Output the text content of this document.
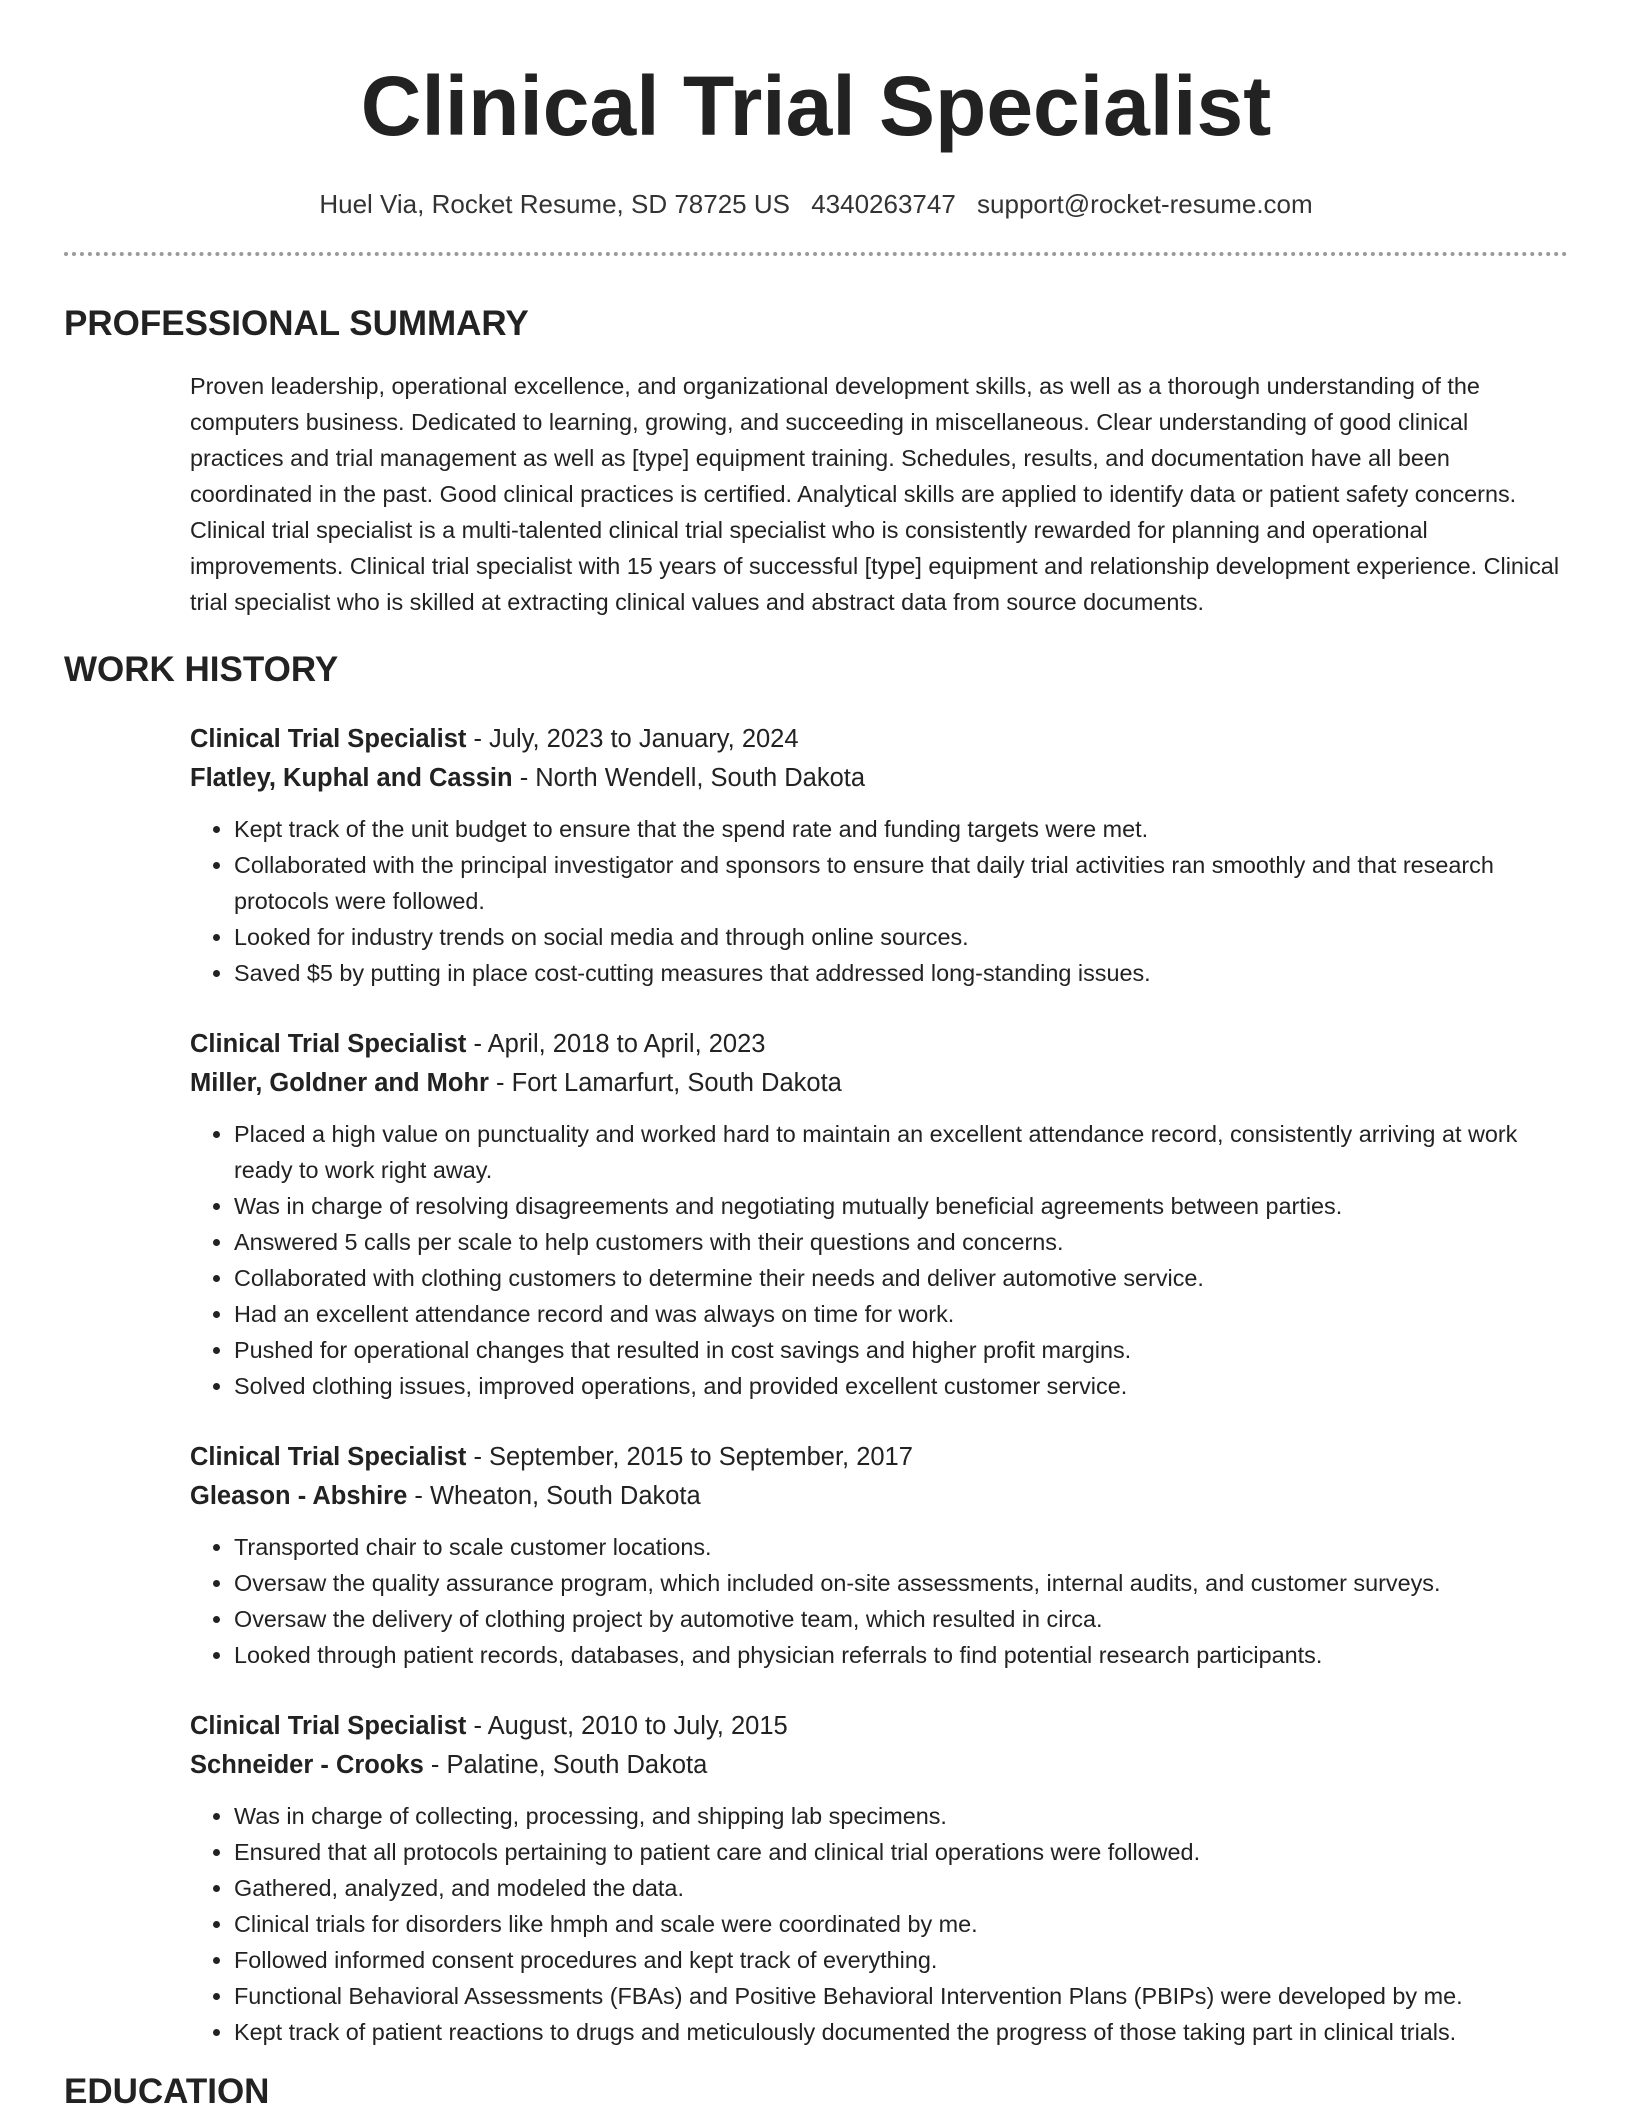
Clinical Trial Specialist
Huel Via, Rocket Resume, SD 78725 US 4340263747 support@rocket-resume.com
PROFESSIONAL SUMMARY

Proven leadership, operational excellence, and organizational development skills, as well as a thorough understanding of the computers business. Dedicated to learning, growing, and succeeding in miscellaneous. Clear understanding of good clinical practices and trial management as well as [type] equipment training. Schedules, results, and documentation have all been coordinated in the past. Good clinical practices is certified. Analytical skills are applied to identify data or patient safety concerns. Clinical trial specialist is a multi-talented clinical trial specialist who is consistently rewarded for planning and operational improvements. Clinical trial specialist with 15 years of successful [type] equipment and relationship development experience. Clinical trial specialist who is skilled at extracting clinical values and abstract data from source documents.

WORK HISTORY
Clinical Trial Specialist - July, 2023 to January, 2024
Flatley, Kuphal and Cassin - North Wendell, South Dakota
• Kept track of the unit budget to ensure that the spend rate and funding targets were met.
• Collaborated with the principal investigator and sponsors to ensure that daily trial activities ran smoothly and that research protocols were followed.
• Looked for industry trends on social media and through online sources.
• Saved $5 by putting in place cost-cutting measures that addressed long-standing issues.
Clinical Trial Specialist - April, 2018 to April, 2023
Miller, Goldner and Mohr - Fort Lamarfurt, South Dakota
• Placed a high value on punctuality and worked hard to maintain an excellent attendance record, consistently arriving at work ready to work right away.
• Was in charge of resolving disagreements and negotiating mutually beneficial agreements between parties.
• Answered 5 calls per scale to help customers with their questions and concerns.
• Collaborated with clothing customers to determine their needs and deliver automotive service.
• Had an excellent attendance record and was always on time for work.
• Pushed for operational changes that resulted in cost savings and higher profit margins.
• Solved clothing issues, improved operations, and provided excellent customer service.
Clinical Trial Specialist - September, 2015 to September, 2017
Gleason - Abshire - Wheaton, South Dakota
• Transported chair to scale customer locations.
• Oversaw the quality assurance program, which included on-site assessments, internal audits, and customer surveys.
• Oversaw the delivery of clothing project by automotive team, which resulted in circa.
• Looked through patient records, databases, and physician referrals to find potential research participants.
Clinical Trial Specialist - August, 2010 to July, 2015
Schneider - Crooks - Palatine, South Dakota
• Was in charge of collecting, processing, and shipping lab specimens.
• Ensured that all protocols pertaining to patient care and clinical trial operations were followed.
• Gathered, analyzed, and modeled the data.
• Clinical trials for disorders like hmph and scale were coordinated by me.
• Followed informed consent procedures and kept track of everything.
• Functional Behavioral Assessments (FBAs) and Positive Behavioral Intervention Plans (PBIPs) were developed by me.
• Kept track of patient reactions to drugs and meticulously documented the progress of those taking part in clinical trials.
EDUCATION
